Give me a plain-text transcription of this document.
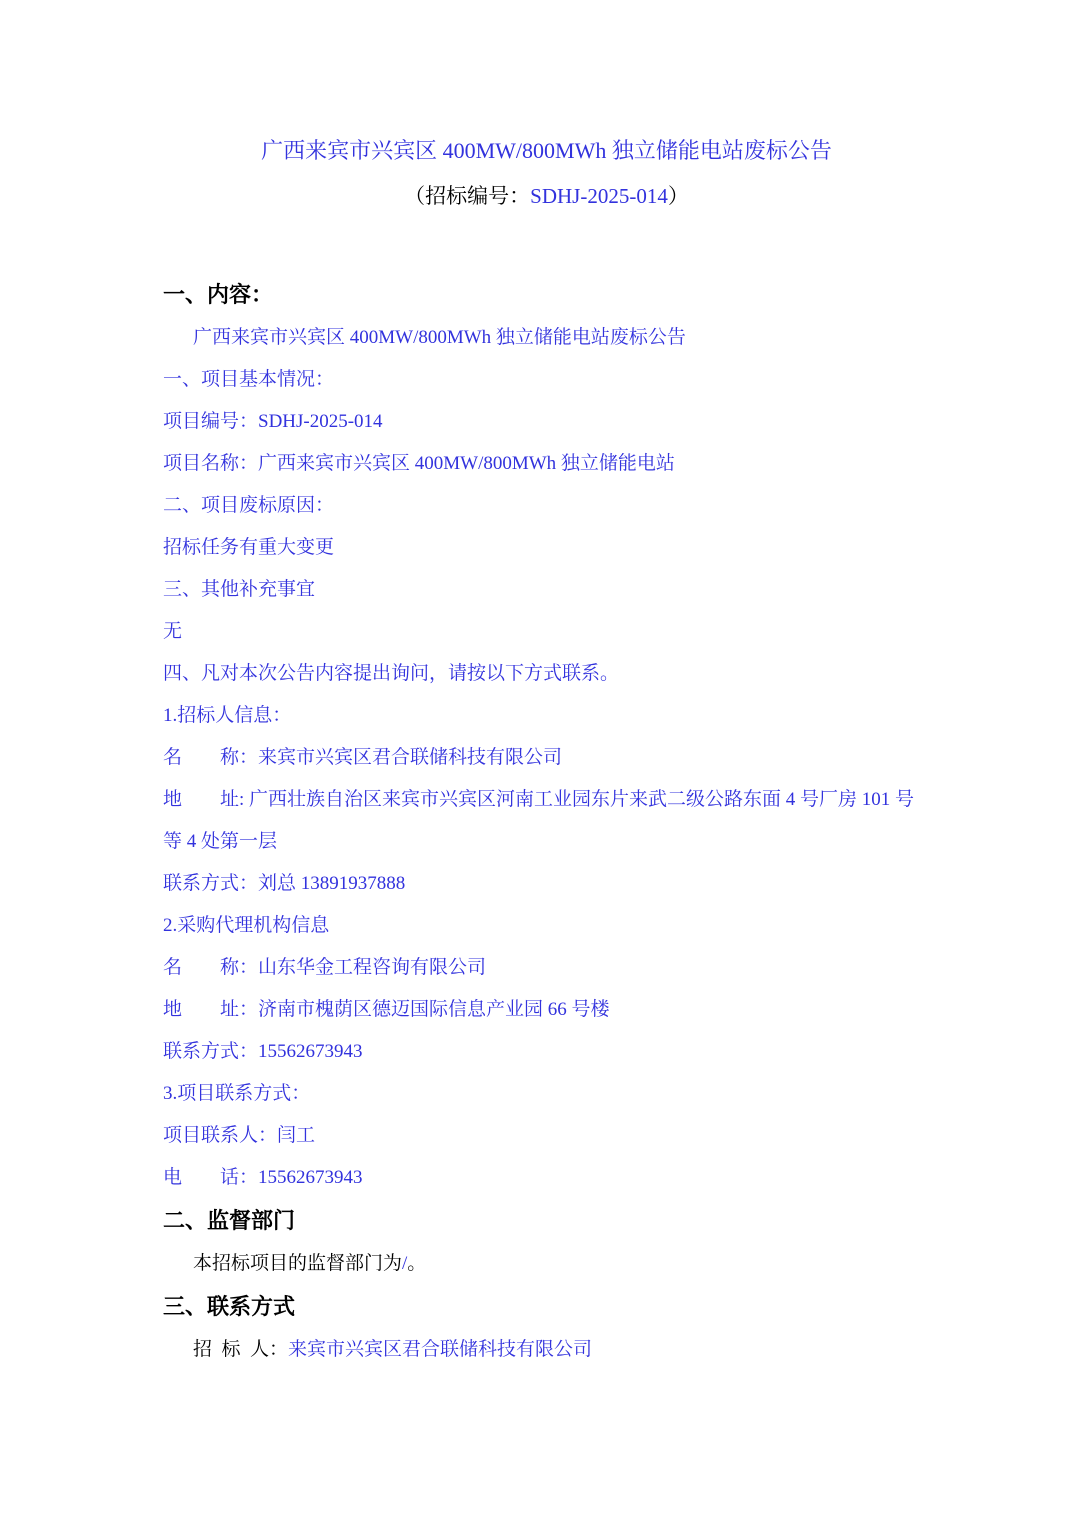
广西来宾市兴宾区 400MW/800MWh 独立储能电站废标公告

（招标编号：SDHJ-2025-014）

一、内容：

广西来宾市兴宾区 400MW/800MWh 独立储能电站废标公告

一、项目基本情况：

项目编号：SDHJ-2025-014

项目名称：广西来宾市兴宾区 400MW/800MWh 独立储能电站

二、项目废标原因：

招标任务有重大变更

三、其他补充事宜

无

四、凡对本次公告内容提出询问，请按以下方式联系。

1.招标人信息：

名　　称：来宾市兴宾区君合联储科技有限公司

地　　址: 广西壮族自治区来宾市兴宾区河南工业园东片来武二级公路东面 4 号厂房 101 号

等 4 处第一层

联系方式：刘总 13891937888

2.采购代理机构信息

名　　称：山东华金工程咨询有限公司

地　　址：济南市槐荫区德迈国际信息产业园 66 号楼

联系方式：15562673943

3.项目联系方式：

项目联系人：闫工

电　　话：15562673943

二、监督部门

本招标项目的监督部门为/。

三、联系方式

招  标  人：来宾市兴宾区君合联储科技有限公司
